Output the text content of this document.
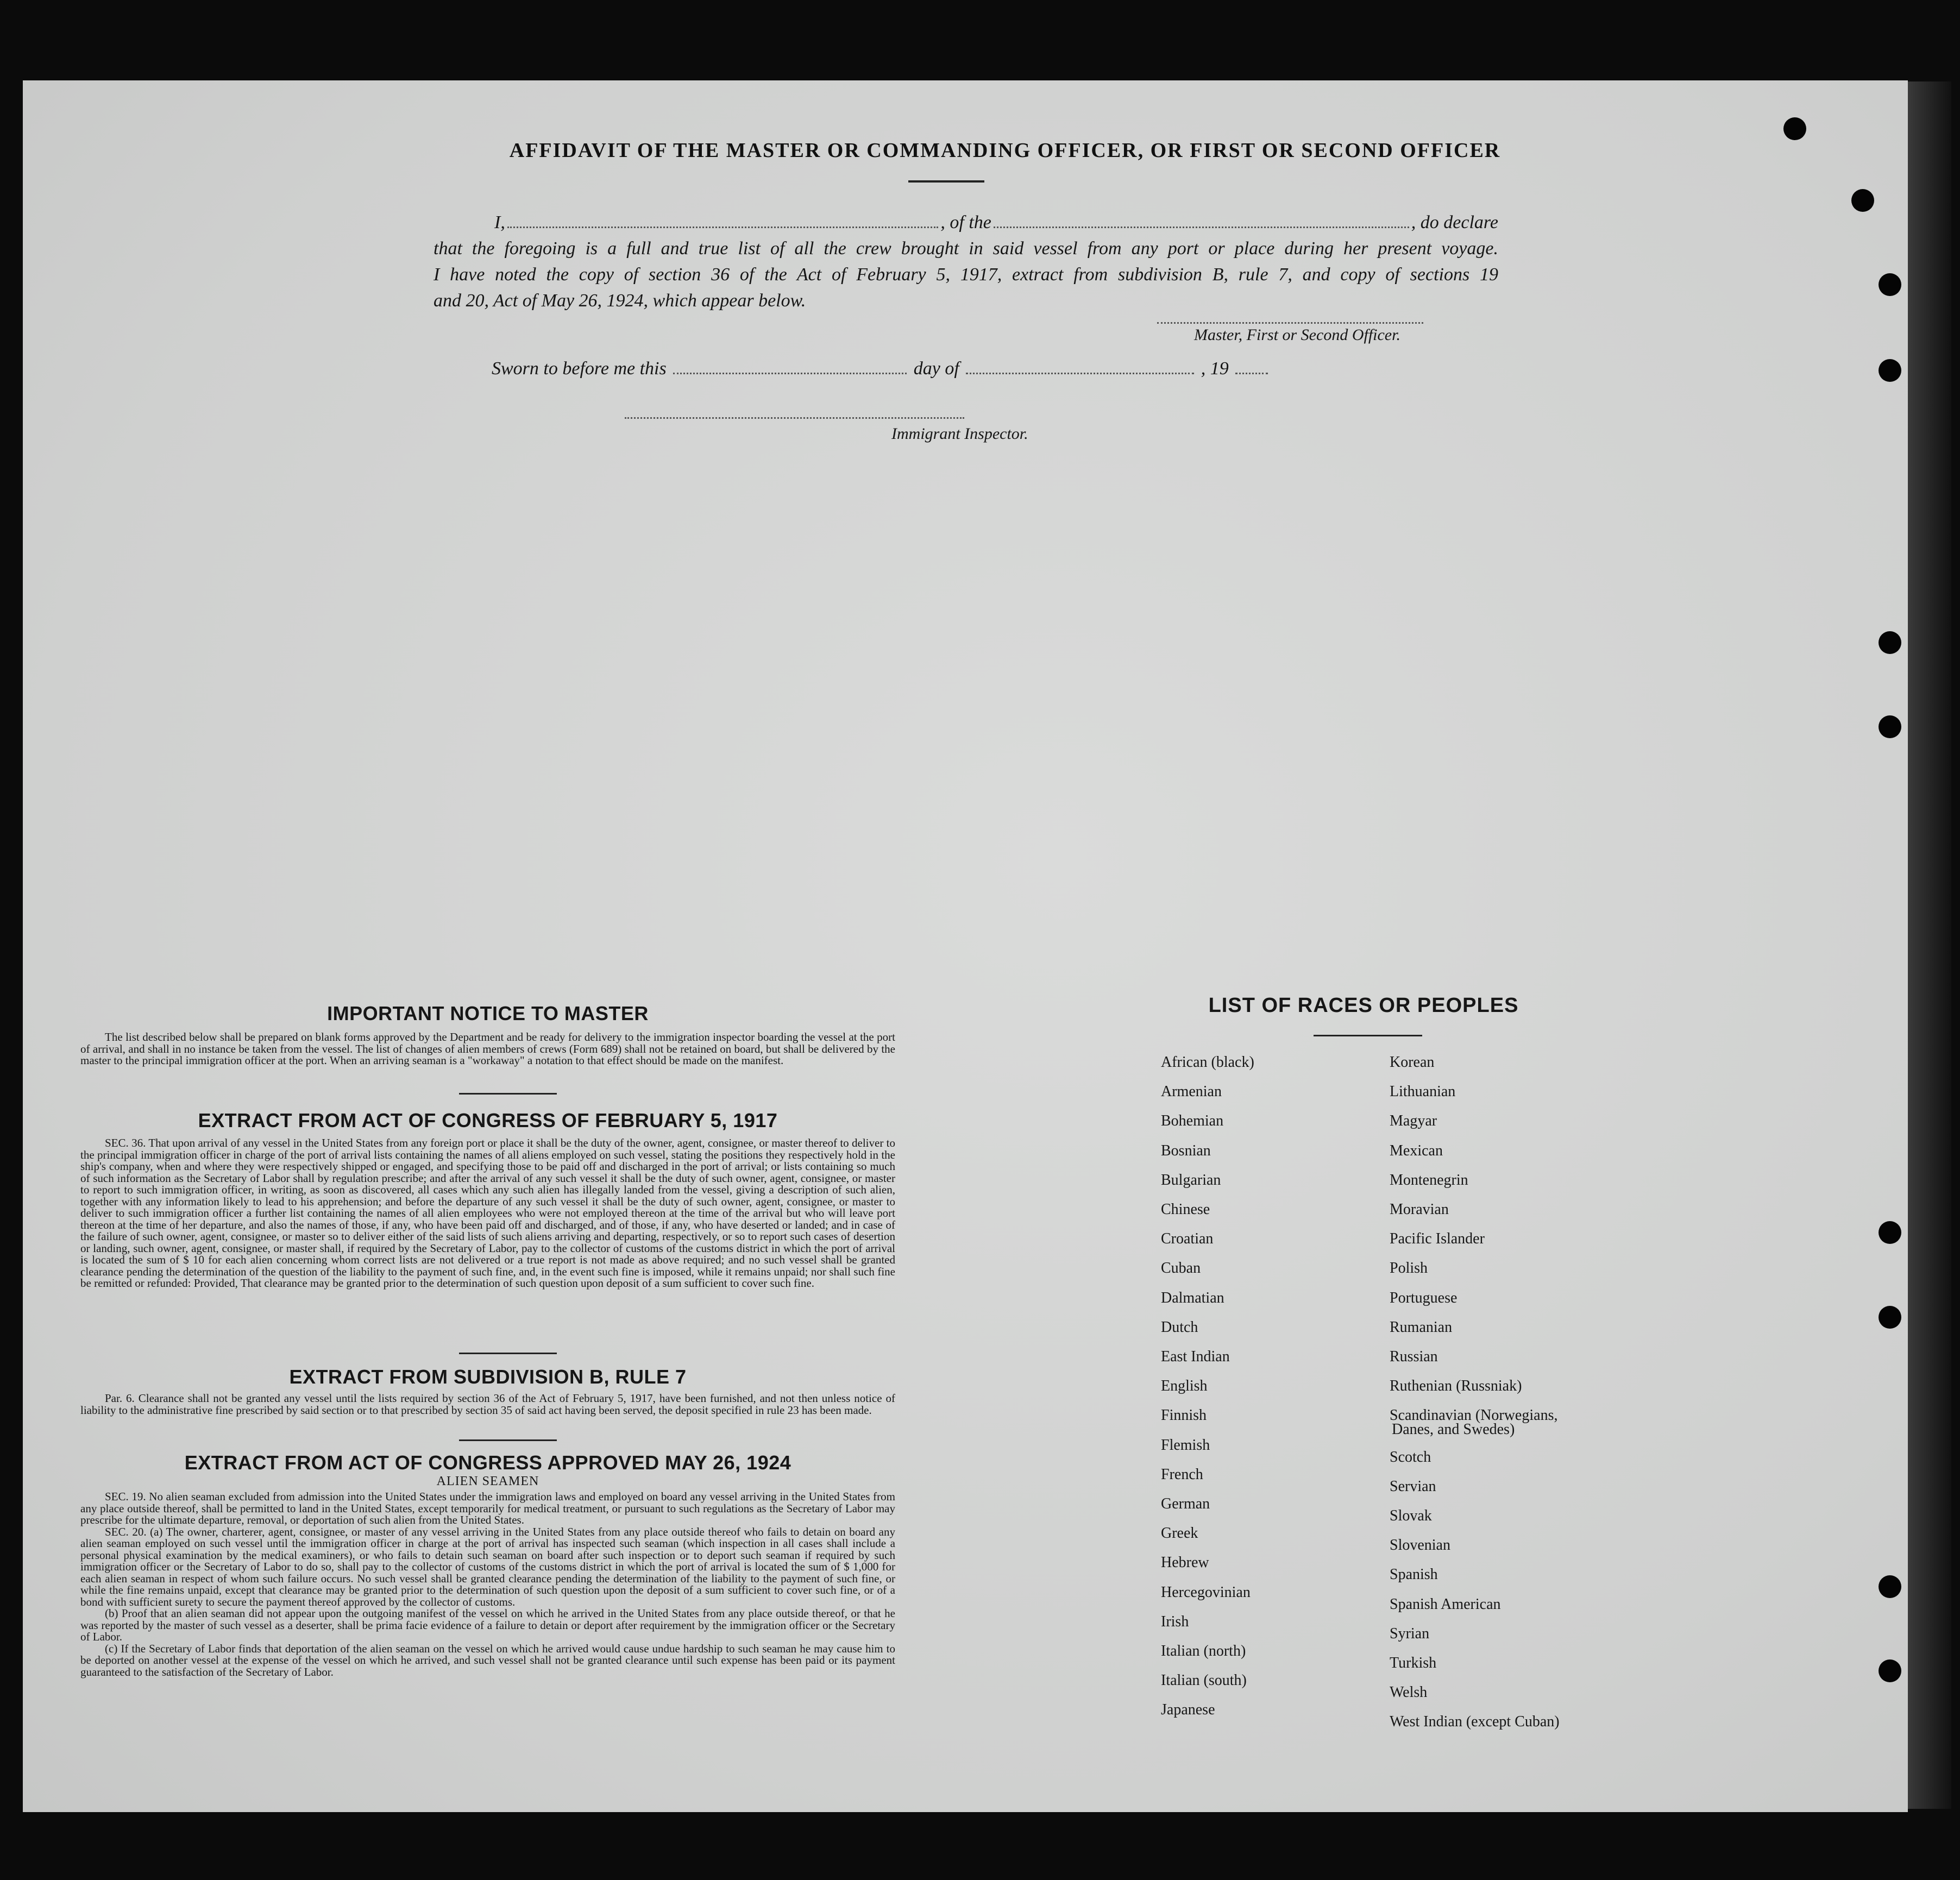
AFFIDAVIT OF THE MASTER OR COMMANDING OFFICER, OR FIRST OR SECOND OFFICER
I,	, of the	, do declare
that the foregoing is a full and true list of all the crew brought in said vessel from any port or place during her present voyage.
I have noted the copy of section 36 of the Act of February 5, 1917, extract from subdivision B, rule 7, and copy of sections 19
and 20, Act of May 26, 1924, which appear below.
Master, First or Second Officer.
Sworn to before me this	day of	, 19
Immigrant Inspector.
IMPORTANT NOTICE TO MASTER

The list described below shall be prepared on blank forms approved by the Department and be ready for delivery to the immigration inspector boarding the vessel at the port of arrival, and shall in no instance be taken from the vessel. The list of changes of alien members of crews (Form 689) shall not be retained on board, but shall be delivered by the master to the principal immigration officer at the port. When an arriving seaman is a "workaway" a notation to that effect should be made on the manifest.

EXTRACT FROM ACT OF CONGRESS OF FEBRUARY 5, 1917

SEC. 36. That upon arrival of any vessel in the United States from any foreign port or place it shall be the duty of the owner, agent, consignee, or master thereof to deliver to the principal immigration officer in charge of the port of arrival lists containing the names of all aliens employed on such vessel, stating the positions they respectively hold in the ship's company, when and where they were respectively shipped or engaged, and specifying those to be paid off and discharged in the port of arrival; or lists containing so much of such information as the Secretary of Labor shall by regulation prescribe; and after the arrival of any such vessel it shall be the duty of such owner, agent, consignee, or master to report to such immigration officer, in writing, as soon as discovered, all cases which any such alien has illegally landed from the vessel, giving a description of such alien, together with any information likely to lead to his apprehension; and before the departure of any such vessel it shall be the duty of such owner, agent, consignee, or master to deliver to such immigration officer a further list containing the names of all alien employees who were not employed thereon at the time of the arrival but who will leave port thereon at the time of her departure, and also the names of those, if any, who have been paid off and discharged, and of those, if any, who have deserted or landed; and in case of the failure of such owner, agent, consignee, or master so to deliver either of the said lists of such aliens arriving and departing, respectively, or so to report such cases of desertion or landing, such owner, agent, consignee, or master shall, if required by the Secretary of Labor, pay to the collector of customs of the customs district in which the port of arrival is located the sum of $ 10 for each alien concerning whom correct lists are not delivered or a true report is not made as above required; and no such vessel shall be granted clearance pending the determination of the question of the liability to the payment of such fine, and, in the event such fine is imposed, while it remains unpaid; nor shall such fine be remitted or refunded: Provided, That clearance may be granted prior to the determination of such question upon deposit of a sum sufficient to cover such fine.

EXTRACT FROM SUBDIVISION B, RULE 7

Par. 6. Clearance shall not be granted any vessel until the lists required by section 36 of the Act of February 5, 1917, have been furnished, and not then unless notice of liability to the administrative fine prescribed by said section or to that prescribed by section 35 of said act having been served, the deposit specified in rule 23 has been made.

EXTRACT FROM ACT OF CONGRESS APPROVED MAY 26, 1924
ALIEN SEAMEN

SEC. 19. No alien seaman excluded from admission into the United States under the immigration laws and employed on board any vessel arriving in the United States from any place outside thereof, shall be permitted to land in the United States, except temporarily for medical treatment, or pursuant to such regulations as the Secretary of Labor may prescribe for the ultimate departure, removal, or deportation of such alien from the United States.

SEC. 20. (a) The owner, charterer, agent, consignee, or master of any vessel arriving in the United States from any place outside thereof who fails to detain on board any alien seaman employed on such vessel until the immigration officer in charge at the port of arrival has inspected such seaman (which inspection in all cases shall include a personal physical examination by the medical examiners), or who fails to detain such seaman on board after such inspection or to deport such seaman if required by such immigration officer or the Secretary of Labor to do so, shall pay to the collector of customs of the customs district in which the port of arrival is located the sum of $ 1,000 for each alien seaman in respect of whom such failure occurs. No such vessel shall be granted clearance pending the determination of the liability to the payment of such fine, or while the fine remains unpaid, except that clearance may be granted prior to the determination of such question upon the deposit of a sum sufficient to cover such fine, or of a bond with sufficient surety to secure the payment thereof approved by the collector of customs.

(b) Proof that an alien seaman did not appear upon the outgoing manifest of the vessel on which he arrived in the United States from any place outside thereof, or that he was reported by the master of such vessel as a deserter, shall be prima facie evidence of a failure to detain or deport after requirement by the immigration officer or the Secretary of Labor.

(c) If the Secretary of Labor finds that deportation of the alien seaman on the vessel on which he arrived would cause undue hardship to such seaman he may cause him to be deported on another vessel at the expense of the vessel on which he arrived, and such vessel shall not be granted clearance until such expense has been paid or its payment guaranteed to the satisfaction of the Secretary of Labor.

LIST OF RACES OR PEOPLES
African (black)
Armenian
Bohemian
Bosnian
Bulgarian
Chinese
Croatian
Cuban
Dalmatian
Dutch
East Indian
English
Finnish
Flemish
French
German
Greek
Hebrew
Hercegovinian
Irish
Italian (north)
Italian (south)
Japanese
Korean
Lithuanian
Magyar
Mexican
Montenegrin
Moravian
Pacific Islander
Polish
Portuguese
Rumanian
Russian
Ruthenian (Russniak)
Scandinavian (Norwegians,
Danes, and Swedes)
Scotch
Servian
Slovak
Slovenian
Spanish
Spanish American
Syrian
Turkish
Welsh
West Indian (except Cuban)
